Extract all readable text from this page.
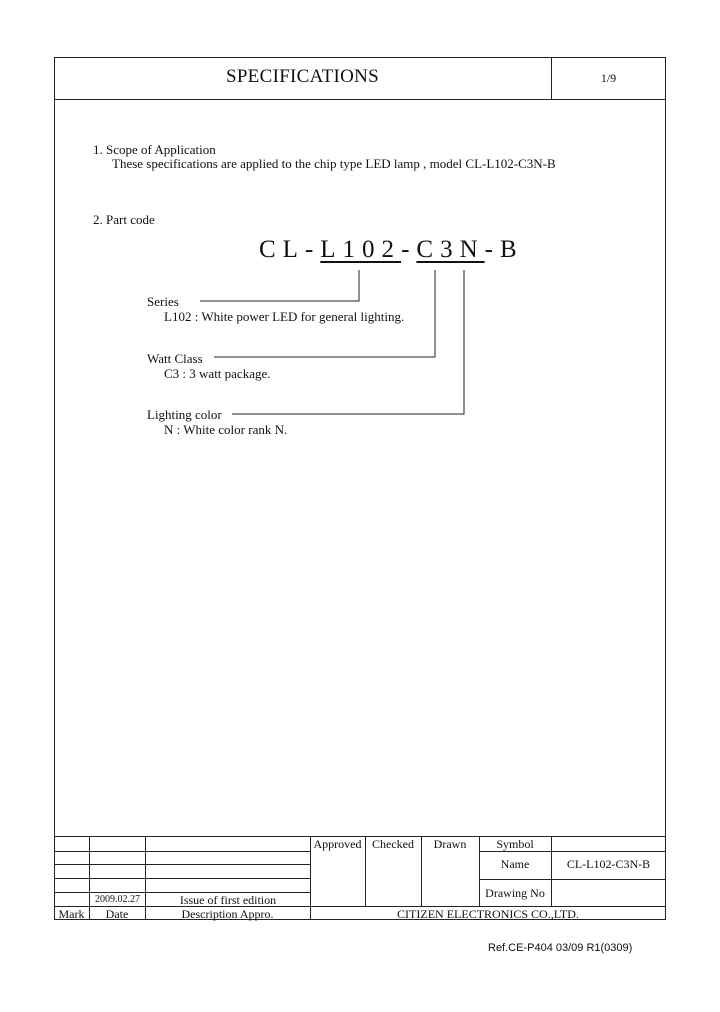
SPECIFICATIONS	1/9
1. Scope of Application
These specifications are applied to the chip type LED lamp , model CL-L102-C3N-B
2. Part code
CL-L102-C3N-B
Series
L102 : White power LED for general lighting.
Watt Class
C3 : 3 watt package.
Lighting color
N : White color rank N.
Approved Checked	Drawn	Symbol
Name	CL-L102-C3N-B
Drawing No
2009.02.27	Issue of first edition
Mark	Date	Description Appro.	CITIZEN ELECTRONICS CO.,LTD.
Ref.CE-P404 03/09 R1(0309)
